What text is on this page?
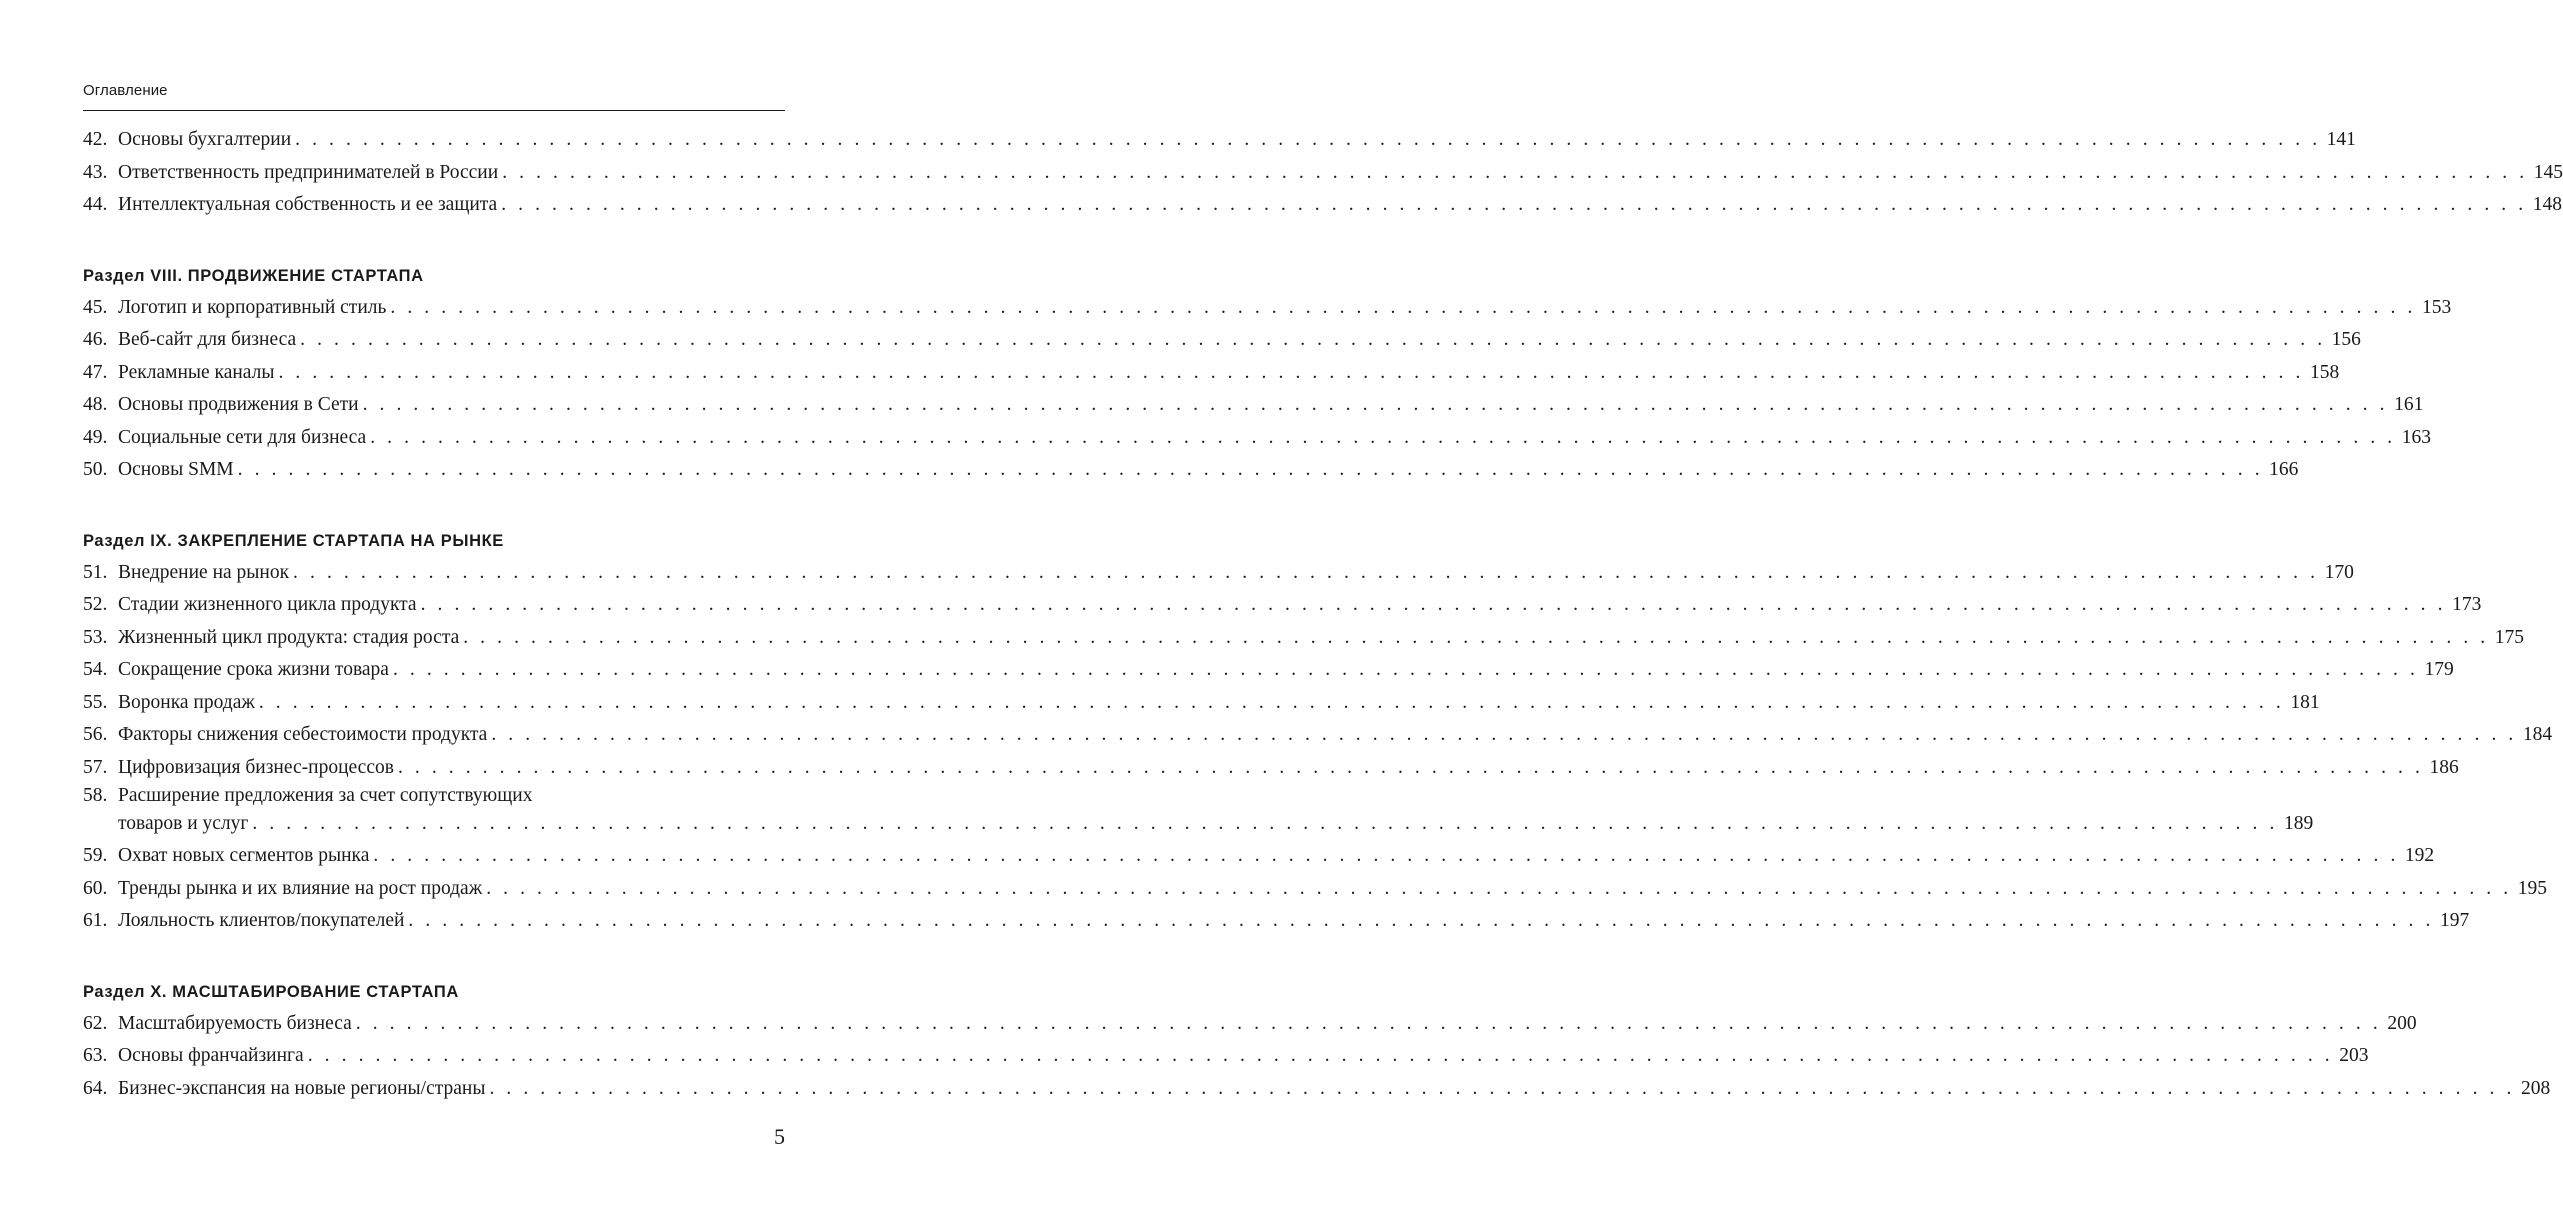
Оглавление
42. Основы бухгалтерии . . . . . . . . . . . . . . . . . . . . . . . . . . . . . . . . . . . . . . . . . . . . . . . . . . . . . . . . . . . . . . . . . . . . . . . . . . . . . . . . . . . . . . . . . . . . . . . . . . . . . . . . . . . . . . . . . . . . . . . . 141
43. Ответственность предпринимателей в России . . . . . . . . . . . . . . . . . . . . . . . . . . . . . . . . . . . . . . . . . . . . . . . . . . . . . . . . . . . . . . . . . . . . . . . . . . . . . . . . . . . . . . . . . . . . . . . . . . . . . . . . . . . . . . . . . . . . . . . . 145
44. Интеллектуальная собственность и ее защита . . . . . . . . . . . . . . . . . . . . . . . . . . . . . . . . . . . . . . . . . . . . . . . . . . . . . . . . . . . . . . . . . . . . . . . . . . . . . . . . . . . . . . . . . . . . . . . . . . . . . . . . . . . . . . . . . . . . . . . . 148
Раздел VIII. ПРОДВИЖЕНИЕ СТАРТАПА
45. Логотип и корпоративный стиль . . . . . . . . . . . . . . . . . . . . . . . . . . . . . . . . . . . . . . . . . . . . . . . . . . . . . . . . . . . . . . . . . . . . . . . . . . . . . . . . . . . . . . . . . . . . . . . . . . . . . . . . . . . . . . . . . . . . . . . . 153
46. Веб-сайт для бизнеса . . . . . . . . . . . . . . . . . . . . . . . . . . . . . . . . . . . . . . . . . . . . . . . . . . . . . . . . . . . . . . . . . . . . . . . . . . . . . . . . . . . . . . . . . . . . . . . . . . . . . . . . . . . . . . . . . . . . . . . . 156
47. Рекламные каналы . . . . . . . . . . . . . . . . . . . . . . . . . . . . . . . . . . . . . . . . . . . . . . . . . . . . . . . . . . . . . . . . . . . . . . . . . . . . . . . . . . . . . . . . . . . . . . . . . . . . . . . . . . . . . . . . . . . . . . . . 158
48. Основы продвижения в Сети . . . . . . . . . . . . . . . . . . . . . . . . . . . . . . . . . . . . . . . . . . . . . . . . . . . . . . . . . . . . . . . . . . . . . . . . . . . . . . . . . . . . . . . . . . . . . . . . . . . . . . . . . . . . . . . . . . . . . . . . 161
49. Социальные сети для бизнеса . . . . . . . . . . . . . . . . . . . . . . . . . . . . . . . . . . . . . . . . . . . . . . . . . . . . . . . . . . . . . . . . . . . . . . . . . . . . . . . . . . . . . . . . . . . . . . . . . . . . . . . . . . . . . . . . . . . . . . . . 163
50. Основы SMM . . . . . . . . . . . . . . . . . . . . . . . . . . . . . . . . . . . . . . . . . . . . . . . . . . . . . . . . . . . . . . . . . . . . . . . . . . . . . . . . . . . . . . . . . . . . . . . . . . . . . . . . . . . . . . . . . . . . . . . . 166
Раздел IX. ЗАКРЕПЛЕНИЕ СТАРТАПА НА РЫНКЕ
51. Внедрение на рынок . . . . . . . . . . . . . . . . . . . . . . . . . . . . . . . . . . . . . . . . . . . . . . . . . . . . . . . . . . . . . . . . . . . . . . . . . . . . . . . . . . . . . . . . . . . . . . . . . . . . . . . . . . . . . . . . . . . . . . . . 170
52. Стадии жизненного цикла продукта . . . . . . . . . . . . . . . . . . . . . . . . . . . . . . . . . . . . . . . . . . . . . . . . . . . . . . . . . . . . . . . . . . . . . . . . . . . . . . . . . . . . . . . . . . . . . . . . . . . . . . . . . . . . . . . . . . . . . . . . 173
53. Жизненный цикл продукта: стадия роста . . . . . . . . . . . . . . . . . . . . . . . . . . . . . . . . . . . . . . . . . . . . . . . . . . . . . . . . . . . . . . . . . . . . . . . . . . . . . . . . . . . . . . . . . . . . . . . . . . . . . . . . . . . . . . . . . . . . . . . . 175
54. Сокращение срока жизни товара . . . . . . . . . . . . . . . . . . . . . . . . . . . . . . . . . . . . . . . . . . . . . . . . . . . . . . . . . . . . . . . . . . . . . . . . . . . . . . . . . . . . . . . . . . . . . . . . . . . . . . . . . . . . . . . . . . . . . . . . 179
55. Воронка продаж . . . . . . . . . . . . . . . . . . . . . . . . . . . . . . . . . . . . . . . . . . . . . . . . . . . . . . . . . . . . . . . . . . . . . . . . . . . . . . . . . . . . . . . . . . . . . . . . . . . . . . . . . . . . . . . . . . . . . . . . 181
56. Факторы снижения себестоимости продукта . . . . . . . . . . . . . . . . . . . . . . . . . . . . . . . . . . . . . . . . . . . . . . . . . . . . . . . . . . . . . . . . . . . . . . . . . . . . . . . . . . . . . . . . . . . . . . . . . . . . . . . . . . . . . . . . . . . . . . . . 184
57. Цифровизация бизнес-процессов . . . . . . . . . . . . . . . . . . . . . . . . . . . . . . . . . . . . . . . . . . . . . . . . . . . . . . . . . . . . . . . . . . . . . . . . . . . . . . . . . . . . . . . . . . . . . . . . . . . . . . . . . . . . . . . . . . . . . . . . 186
58. Расширение предложения за счет сопутствующих
товаров и услуг . . . . . . . . . . . . . . . . . . . . . . . . . . . . . . . . . . . . . . . . . . . . . . . . . . . . . . . . . . . . . . . . . . . . . . . . . . . . . . . . . . . . . . . . . . . . . . . . . . . . . . . . . . . . . . . . . . . . . . . . 189
59. Охват новых сегментов рынка . . . . . . . . . . . . . . . . . . . . . . . . . . . . . . . . . . . . . . . . . . . . . . . . . . . . . . . . . . . . . . . . . . . . . . . . . . . . . . . . . . . . . . . . . . . . . . . . . . . . . . . . . . . . . . . . . . . . . . . . 192
60. Тренды рынка и их влияние на рост продаж . . . . . . . . . . . . . . . . . . . . . . . . . . . . . . . . . . . . . . . . . . . . . . . . . . . . . . . . . . . . . . . . . . . . . . . . . . . . . . . . . . . . . . . . . . . . . . . . . . . . . . . . . . . . . . . . . . . . . . . . 195
61. Лояльность клиентов/покупателей . . . . . . . . . . . . . . . . . . . . . . . . . . . . . . . . . . . . . . . . . . . . . . . . . . . . . . . . . . . . . . . . . . . . . . . . . . . . . . . . . . . . . . . . . . . . . . . . . . . . . . . . . . . . . . . . . . . . . . . . 197
Раздел X. МАСШТАБИРОВАНИЕ СТАРТАПА
62. Масштабируемость бизнеса . . . . . . . . . . . . . . . . . . . . . . . . . . . . . . . . . . . . . . . . . . . . . . . . . . . . . . . . . . . . . . . . . . . . . . . . . . . . . . . . . . . . . . . . . . . . . . . . . . . . . . . . . . . . . . . . . . . . . . . . 200
63. Основы франчайзинга . . . . . . . . . . . . . . . . . . . . . . . . . . . . . . . . . . . . . . . . . . . . . . . . . . . . . . . . . . . . . . . . . . . . . . . . . . . . . . . . . . . . . . . . . . . . . . . . . . . . . . . . . . . . . . . . . . . . . . . . 203
64. Бизнес-экспансия на новые регионы/страны . . . . . . . . . . . . . . . . . . . . . . . . . . . . . . . . . . . . . . . . . . . . . . . . . . . . . . . . . . . . . . . . . . . . . . . . . . . . . . . . . . . . . . . . . . . . . . . . . . . . . . . . . . . . . . . . . . . . . . . . 208
5
